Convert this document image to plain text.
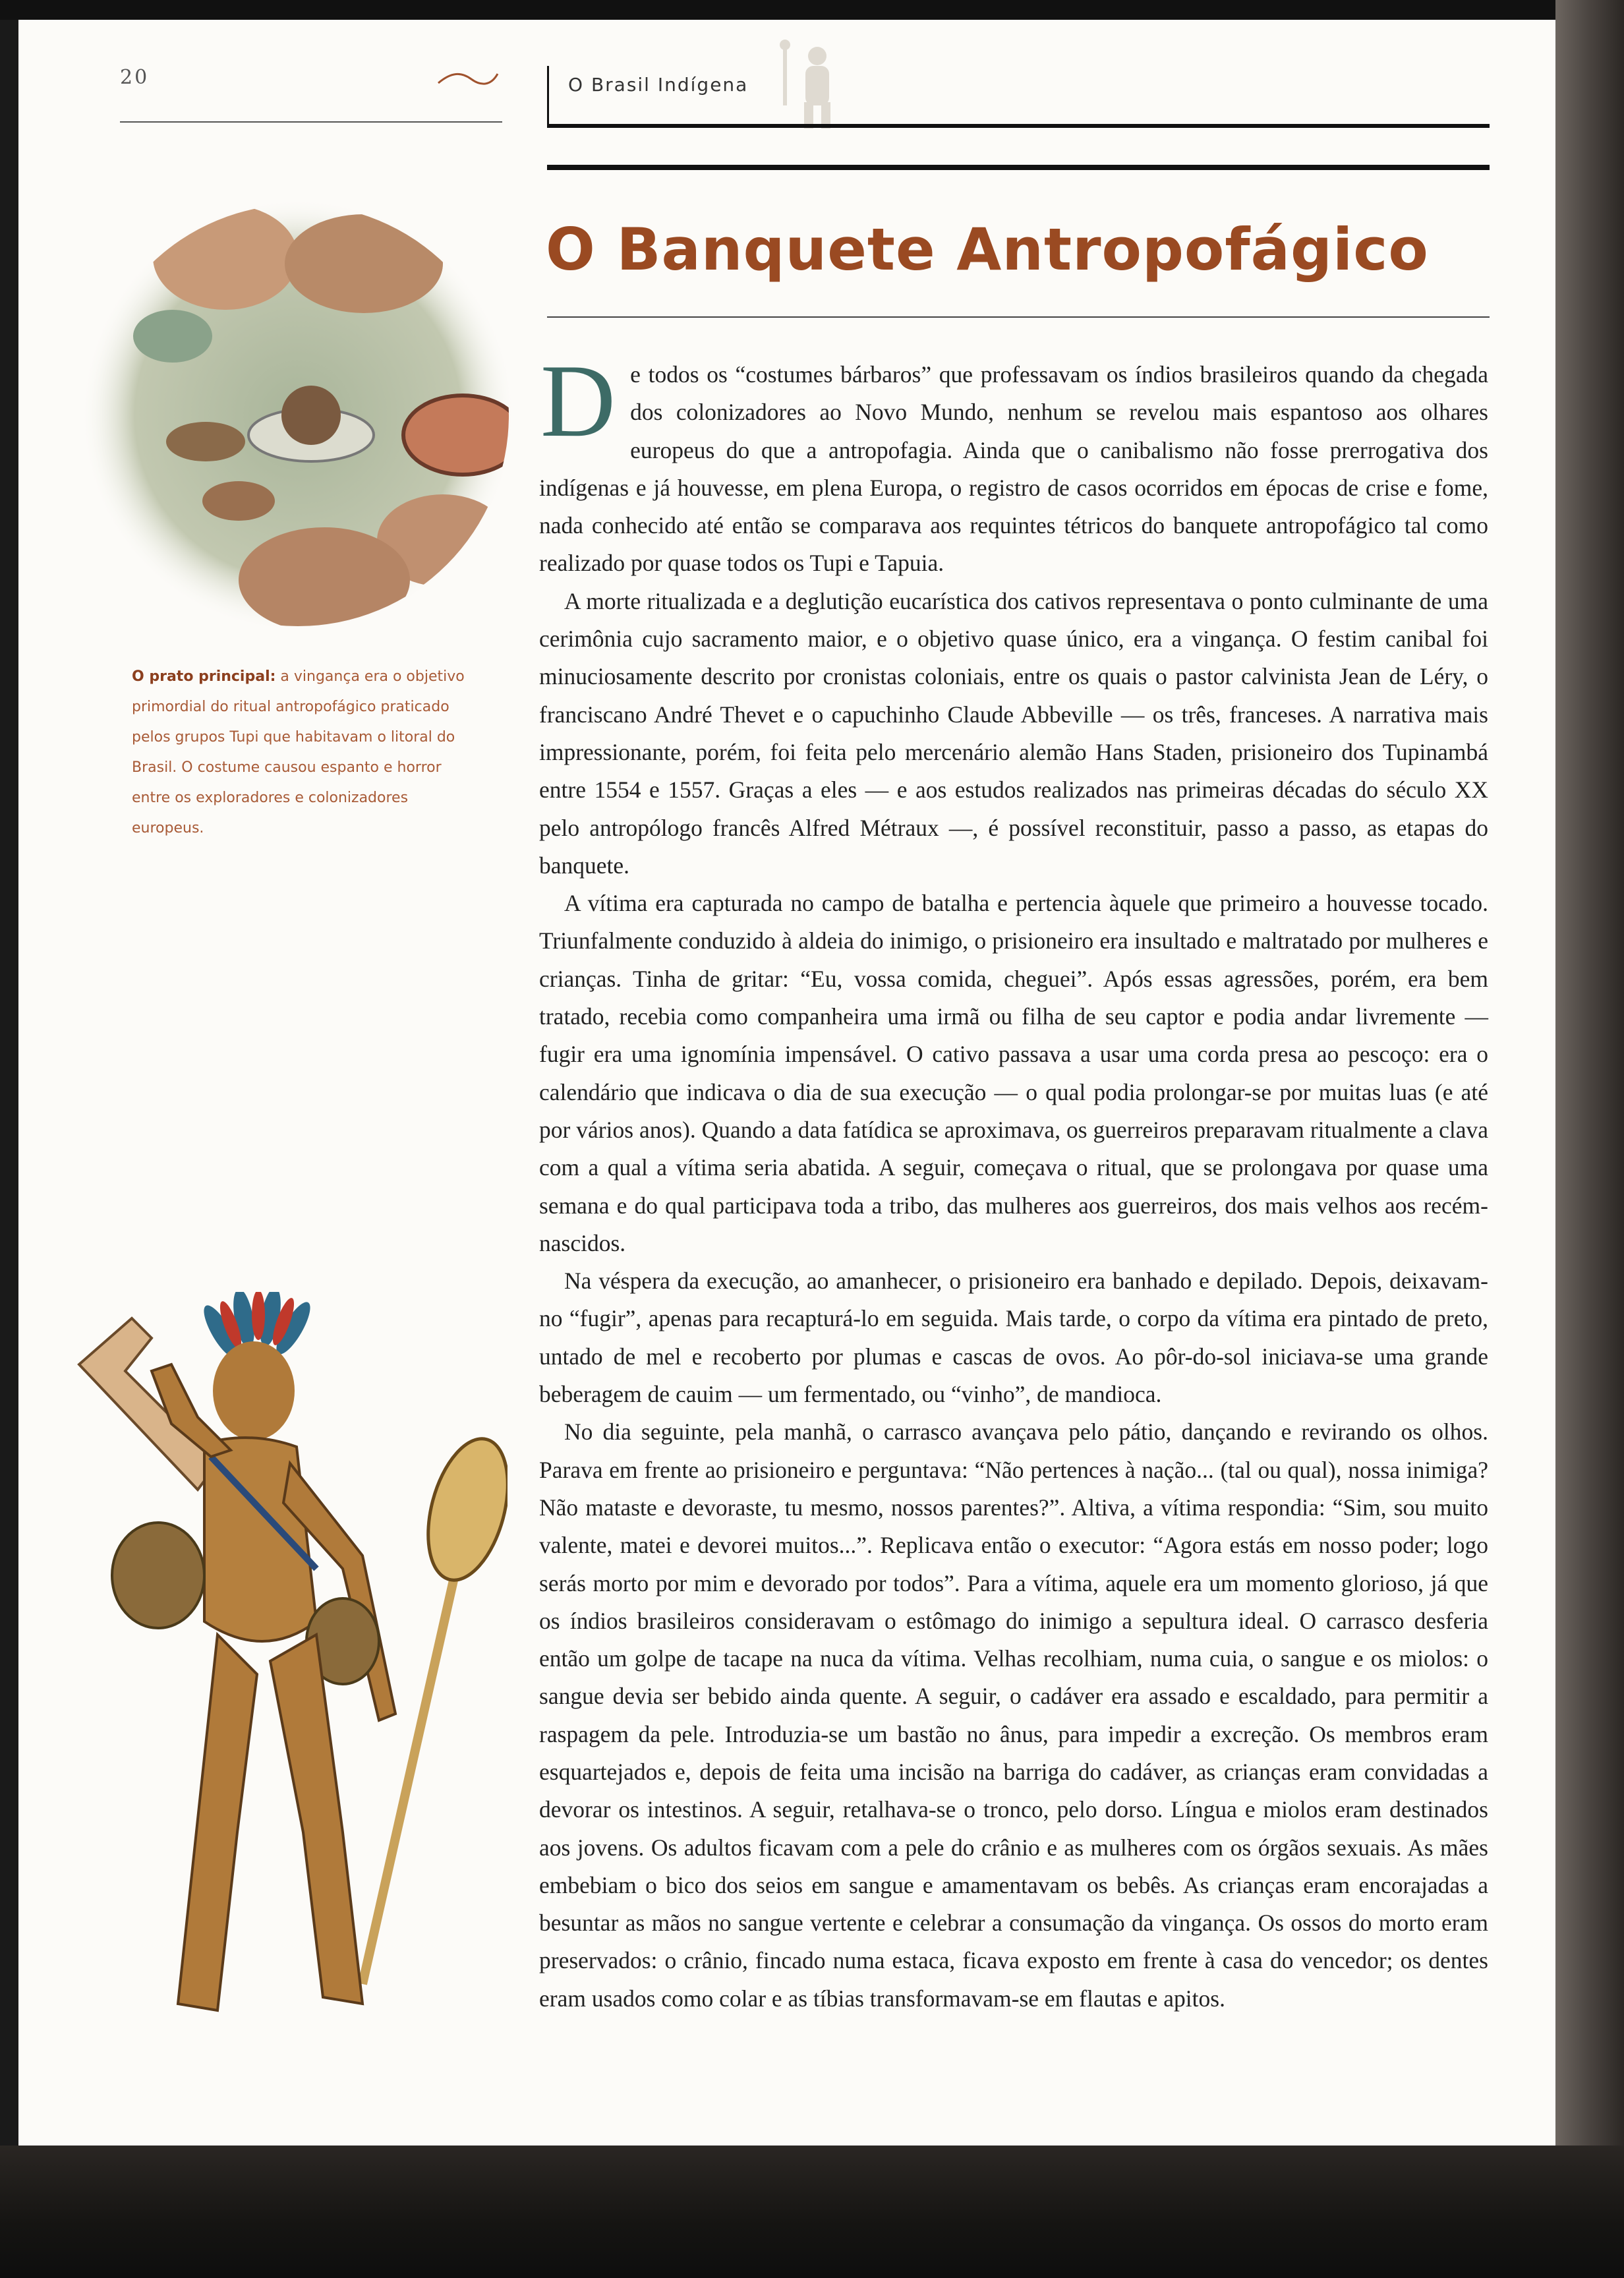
20	O Brasil Indígena
O Banquete Antropofágico
O prato principal: a vingança era o objetivo primordial do ritual antropofágico praticado pelos grupos Tupi que habitavam o litoral do Brasil. O costume causou espanto e horror entre os exploradores e colonizadores europeus.

De todos os “costumes bárbaros” que professavam os índios brasileiros quando da chegada dos colonizadores ao Novo Mundo, nenhum se revelou mais espantoso aos olhares europeus do que a antropofagia. Ainda que o canibalismo não fosse prerrogativa dos indígenas e já houvesse, em plena Europa, o registro de casos ocorridos em épocas de crise e fome, nada conhecido até então se comparava aos requintes tétricos do banquete antropofágico tal como realizado por quase todos os Tupi e Tapuia.

A morte ritualizada e a deglutição eucarística dos cativos representava o ponto culminante de uma cerimônia cujo sacramento maior, e o objetivo quase único, era a vingança. O festim canibal foi minuciosamente descrito por cronistas coloniais, entre os quais o pastor calvinista Jean de Léry, o franciscano André Thevet e o capuchinho Claude Abbeville — os três, franceses. A narrativa mais impressionante, porém, foi feita pelo mercenário alemão Hans Staden, prisioneiro dos Tupinambá entre 1554 e 1557. Graças a eles — e aos estudos realizados nas primeiras décadas do século XX pelo antropólogo francês Alfred Métraux —, é possível reconstituir, passo a passo, as etapas do banquete.

A vítima era capturada no campo de batalha e pertencia àquele que primeiro a houvesse tocado. Triunfalmente conduzido à aldeia do inimigo, o prisioneiro era insultado e maltratado por mulheres e crianças. Tinha de gritar: “Eu, vossa comida, cheguei”. Após essas agressões, porém, era bem tratado, recebia como companheira uma irmã ou filha de seu captor e podia andar livremente — fugir era uma ignomínia impensável. O cativo passava a usar uma corda presa ao pescoço: era o calendário que indicava o dia de sua execução — o qual podia prolongar-se por muitas luas (e até por vários anos). Quando a data fatídica se aproximava, os guerreiros preparavam ritualmente a clava com a qual a vítima seria abatida. A seguir, começava o ritual, que se prolongava por quase uma semana e do qual participava toda a tribo, das mulheres aos guerreiros, dos mais velhos aos recém-nascidos.

Na véspera da execução, ao amanhecer, o prisioneiro era banhado e depilado. Depois, deixavam-no “fugir”, apenas para recapturá-lo em seguida. Mais tarde, o corpo da vítima era pintado de preto, untado de mel e recoberto por plumas e cascas de ovos. Ao pôr-do-sol iniciava-se uma grande beberagem de cauim — um fermentado, ou “vinho”, de mandioca.

No dia seguinte, pela manhã, o carrasco avançava pelo pátio, dançando e revirando os olhos. Parava em frente ao prisioneiro e perguntava: “Não pertences à nação... (tal ou qual), nossa inimiga? Não mataste e devoraste, tu mesmo, nossos parentes?”. Altiva, a vítima respondia: “Sim, sou muito valente, matei e devorei muitos...”. Replicava então o executor: “Agora estás em nosso poder; logo serás morto por mim e devorado por todos”. Para a vítima, aquele era um momento glorioso, já que os índios brasileiros consideravam o estômago do inimigo a sepultura ideal. O carrasco desferia então um golpe de tacape na nuca da vítima. Velhas recolhiam, numa cuia, o sangue e os miolos: o sangue devia ser bebido ainda quente. A seguir, o cadáver era assado e escaldado, para permitir a raspagem da pele. Introduzia-se um bastão no ânus, para impedir a excreção. Os membros eram esquartejados e, depois de feita uma incisão na barriga do cadáver, as crianças eram convidadas a devorar os intestinos. A seguir, retalhava-se o tronco, pelo dorso. Língua e miolos eram destinados aos jovens. Os adultos ficavam com a pele do crânio e as mulheres com os órgãos sexuais. As mães embebiam o bico dos seios em sangue e amamentavam os bebês. As crianças eram encorajadas a besuntar as mãos no sangue vertente e celebrar a consumação da vingança. Os ossos do morto eram preservados: o crânio, fincado numa estaca, ficava exposto em frente à casa do vencedor; os dentes eram usados como colar e as tíbias transformavam-se em flautas e apitos.
